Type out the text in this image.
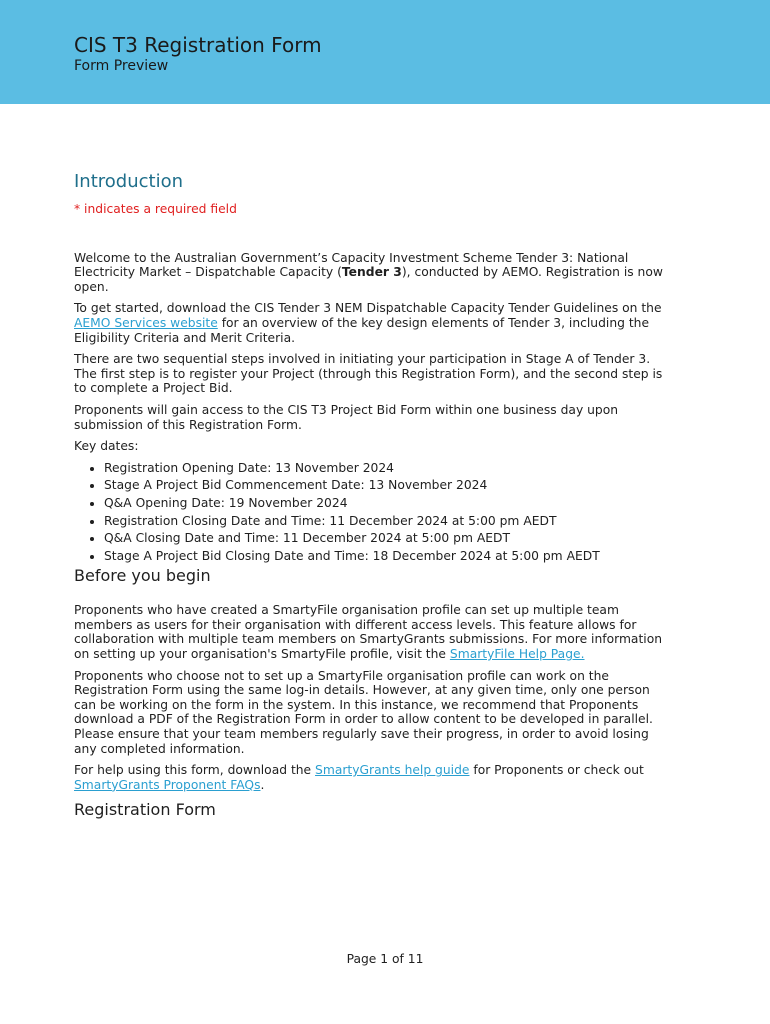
CIS T3 Registration Form
Form Preview
Introduction
* indicates a required field

Welcome to the Australian Government’s Capacity Investment Scheme Tender 3: National Electricity Market – Dispatchable Capacity (Tender 3), conducted by AEMO. Registration is now open.

To get started, download the CIS Tender 3 NEM Dispatchable Capacity Tender Guidelines on the AEMO Services website for an overview of the key design elements of Tender 3, including the Eligibility Criteria and Merit Criteria.

There are two sequential steps involved in initiating your participation in Stage A of Tender 3. The first step is to register your Project (through this Registration Form), and the second step is to complete a Project Bid.

Proponents will gain access to the CIS T3 Project Bid Form within one business day upon submission of this Registration Form.

Key dates:

• Registration Opening Date: 13 November 2024
• Stage A Project Bid Commencement Date: 13 November 2024
• Q&A Opening Date: 19 November 2024
• Registration Closing Date and Time: 11 December 2024 at 5:00 pm AEDT
• Q&A Closing Date and Time: 11 December 2024 at 5:00 pm AEDT
• Stage A Project Bid Closing Date and Time: 18 December 2024 at 5:00 pm AEDT
Before you begin

Proponents who have created a SmartyFile organisation profile can set up multiple team members as users for their organisation with different access levels. This feature allows for collaboration with multiple team members on SmartyGrants submissions. For more information on setting up your organisation's SmartyFile profile, visit the SmartyFile Help Page.

Proponents who choose not to set up a SmartyFile organisation profile can work on the Registration Form using the same log-in details. However, at any given time, only one person can be working on the form in the system. In this instance, we recommend that Proponents download a PDF of the Registration Form in order to allow content to be developed in parallel. Please ensure that your team members regularly save their progress, in order to avoid losing any completed information.

For help using this form, download the SmartyGrants help guide for Proponents or check out SmartyGrants Proponent FAQs.

Registration Form
Page 1 of 11
